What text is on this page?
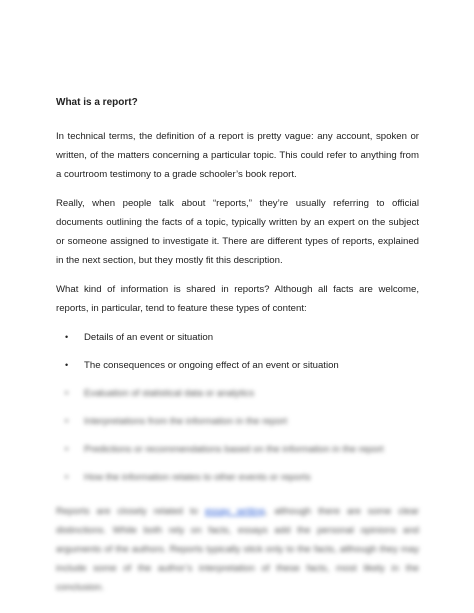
What is a report?

In technical terms, the definition of a report is pretty vague: any account, spoken or written, of the matters concerning a particular topic. This could refer to anything from a courtroom testimony to a grade schooler’s book report.

Really, when people talk about “reports,” they’re usually referring to official documents outlining the facts of a topic, typically written by an expert on the subject or someone assigned to investigate it. There are different types of reports, explained in the next section, but they mostly fit this description.

What kind of information is shared in reports? Although all facts are welcome, reports, in particular, tend to feature these types of content:

• Details of an event or situation
• The consequences or ongoing effect of an event or situation
• Evaluation of statistical data or analytics
• Interpretations from the information in the report
• Predictions or recommendations based on the information in the report
• How the information relates to other events or reports

Reports are closely related to essay writing, although there are some clear distinctions. While both rely on facts, essays add the personal opinions and arguments of the authors. Reports typically stick only to the facts, although they may include some of the author’s interpretation of these facts, most likely in the conclusion.
